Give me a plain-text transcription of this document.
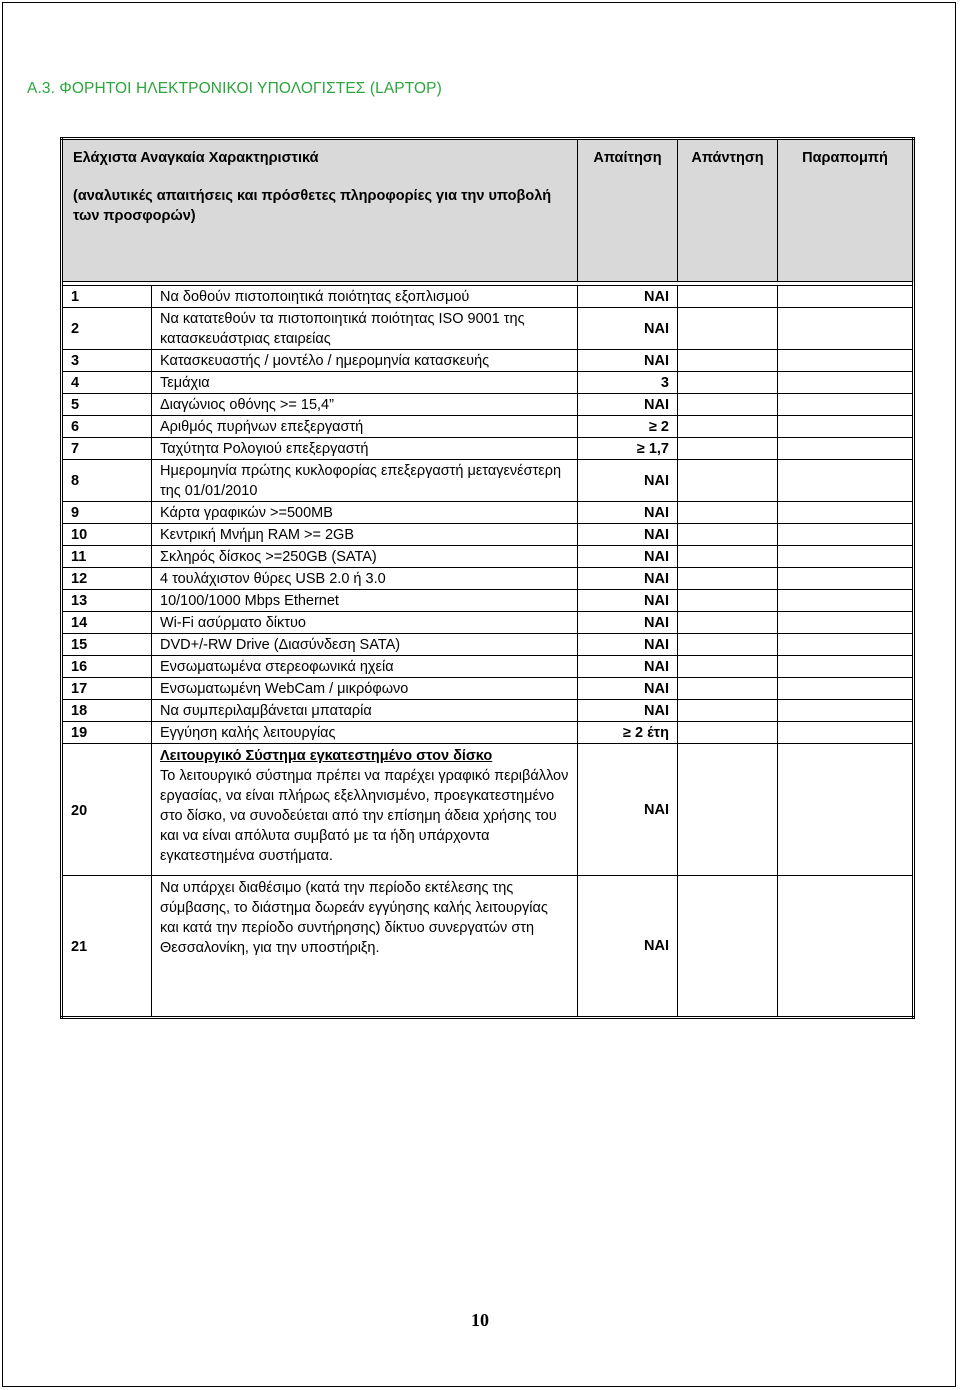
A.3. ΦΟΡΗΤΟΙ ΗΛΕΚΤΡΟΝΙΚΟΙ ΥΠΟΛΟΓΙΣΤΕΣ (LAPTOP)
Ελάχιστα Αναγκαία Χαρακτηριστικά
(αναλυτικές απαιτήσεις και πρόσθετες πληροφορίες για την υποβολή των προσφορών)		Απαίτηση	Απάντηση	Παραπομπή

1	Να δοθούν πιστοποιητικά ποιότητας εξοπλισμού	ΝΑΙ		
2	Να κατατεθούν τα πιστοποιητικά ποιότητας ISO 9001 της κατασκευάστριας εταιρείας	ΝΑΙ		
3	Κατασκευαστής / μοντέλο / ημερομηνία κατασκευής	ΝΑΙ		
4	Τεμάχια	3		
5	Διαγώνιος οθόνης >= 15,4”	ΝΑΙ		
6	Αριθμός πυρήνων επεξεργαστή	≥ 2		
7	Ταχύτητα Ρολογιού επεξεργαστή	≥ 1,7		
8	Ημερομηνία πρώτης κυκλοφορίας επεξεργαστή μεταγενέστερη της 01/01/2010	ΝΑΙ		
9	Κάρτα γραφικών >=500MB	ΝΑΙ		
10	Κεντρική Μνήμη RAM >= 2GB	ΝΑΙ		
11	Σκληρός δίσκος >=250GB (SATA)	ΝΑΙ		
12	4 τουλάχιστον θύρες USB 2.0 ή 3.0	ΝΑΙ		
13	10/100/1000 Mbps Ethernet	ΝΑΙ		
14	Wi-Fi ασύρματο δίκτυο	ΝΑΙ		
15	DVD+/-RW Drive (Διασύνδεση SATA)	ΝΑΙ		
16	Ενσωματωμένα στερεοφωνικά ηχεία	ΝΑΙ		
17	Ενσωματωμένη WebCam / μικρόφωνο	ΝΑΙ		
18	Να συμπεριλαμβάνεται μπαταρία	ΝΑΙ		
19	Εγγύηση καλής λειτουργίας	≥ 2 έτη		
20	Λειτουργικό Σύστημα εγκατεστημένο στον δίσκο
Το λειτουργικό σύστημα πρέπει να παρέχει γραφικό περιβάλλον εργασίας, να είναι πλήρως εξελληνισμένο, προεγκατεστημένο στο δίσκο, να συνοδεύεται από την επίσημη άδεια χρήσης του και να είναι απόλυτα συμβατό με τα ήδη υπάρχοντα εγκατεστημένα συστήματα.	ΝΑΙ		
21	Να υπάρχει διαθέσιμο (κατά την περίοδο εκτέλεσης της σύμβασης, το διάστημα δωρεάν εγγύησης καλής λειτουργίας και κατά την περίοδο συντήρησης) δίκτυο συνεργατών στη Θεσσαλονίκη, για την υποστήριξη.	ΝΑΙ		
10
